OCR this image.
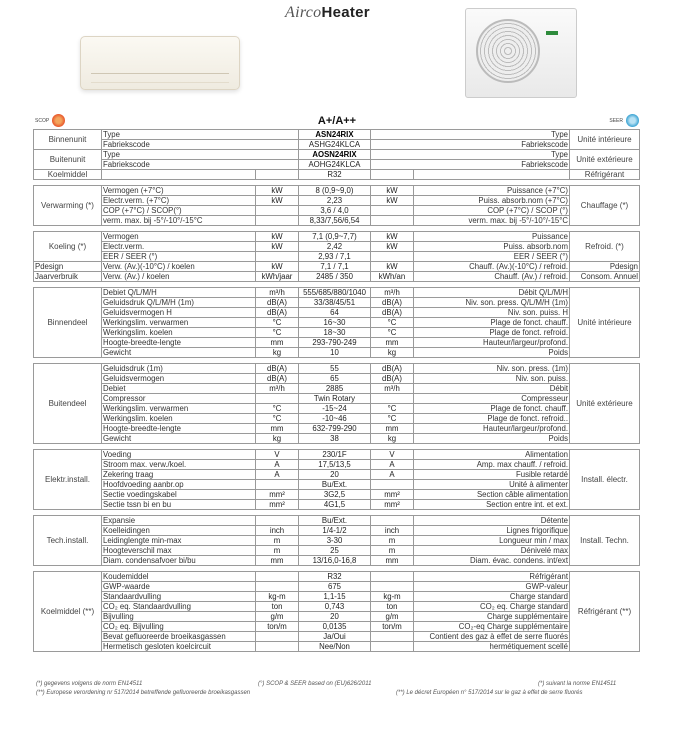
AircoHeater
SCOP	A+/A++	SEER
Binnenunit	Type		ASN24RIX	Type		Unité intérieure
	Fabriekscode		ASHG24KLCA	Fabriekscode		
Buitenunit	Type		AOSN24RIX	Type		Unité extérieure
	Fabriekscode		AOHG24KLCA	Fabriekscode		
Koelmiddel			R32			Réfrigérant

Verwarming (*)	Vermogen (+7°C)	kW	8 (0,9~9,0)	kW	Puissance (+7°C)	Chauffage (*)
	Electr.verm. (+7°C)	kW	2,23	kW	Puiss. absorb.nom (+7°C)	
	COP (+7°C) / SCOP(°)		3,6 / 4,0		COP (+7°C) / SCOP (°)	
	verm. max. bij -5°/-10°/-15°C		8,33/7,56/6,54		verm. max. bij -5°/-10°/-15°C	

Koeling (*)	Vermogen	kW	7,1 (0,9~7,7)	kW	Puissance	Refroid. (*)
	Electr.verm.	kW	2,42	kW	Puiss. absorb.nom	
	EER / SEER (°)		2,93 / 7,1		EER / SEER (°)	
Pdesign	Verw. (Av.)(-10°C) / koelen	kW	7,1 / 7,1	kW	Chauff. (Av.)(-10°C) / refroid.	Pdesign
Jaarverbruik	Verw. (Av.) / koelen	kWh/jaar	2485 / 350	kWh/an	Chauff. (Av.) / refroid.	Consom. Annuel

Binnendeel	Debiet Q/L/M/H	m³/h	555/685/880/1040	m³/h	Débit Q/L/M/H	Unité intérieure
	Geluidsdruk Q/L/M/H (1m)	dB(A)	33/38/45/51	dB(A)	Niv. son. press. Q/L/M/H (1m)	
	Geluidsvermogen H	dB(A)	64	dB(A)	Niv. son. puiss. H	
	Werkingslim. verwarmen	°C	16~30	°C	Plage de fonct. chauff.	
	Werkingslim. koelen	°C	18~30	°C	Plage de fonct. refroid.	
	Hoogte-breedte-lengte	mm	293-790-249	mm	Hauteur/largeur/profond.	
	Gewicht	kg	10	kg	Poids	

Buitendeel	Geluidsdruk (1m)	dB(A)	55	dB(A)	Niv. son. press. (1m)	Unité extérieure
	Geluidsvermogen	dB(A)	65	dB(A)	Niv. son. puiss.	
	Debiet	m³/h	2885	m³/h	Débit	
	Compressor		Twin Rotary		Compresseur	
	Werkingslim. verwarmen	°C	-15~24	°C	Plage de fonct. chauff.	
	Werkingslim. koelen	°C	-10~46	°C	Plage de fonct. refroid..	
	Hoogte-breedte-lengte	mm	632-799-290	mm	Hauteur/largeur/profond.	
	Gewicht	kg	38	kg	Poids	

Elektr.install.	Voeding	V	230/1F	V	Alimentation	Install. électr.
	Stroom max. verw./koel.	A	17,5/13,5	A	Amp. max chauff. / refroid.	
	Zekering traag	A	20	A	Fusible retardé	
	Hoofdvoeding aanbr.op		Bu/Ext.		Unité à alimenter	
	Sectie voedingskabel	mm²	3G2,5	mm²	Section câble alimentation	
	Sectie tssn bi en bu	mm²	4G1,5	mm²	Section entre int. et ext.	

Tech.install.	Expansie		Bu/Ext.		Détente	Install. Techn.
	Koelleidingen	inch	1/4-1/2	inch	Lignes frigorifique	
	Leidinglengte min-max	m	3-30	m	Longueur min / max	
	Hoogteverschil max	m	25	m	Dénivelé max	
	Diam. condensafvoer bi/bu	mm	13/16,0-16,8	mm	Diam. évac. condens. int/ext	

Koelmiddel (**)	Koudemiddel		R32		Réfrigérant	Réfrigérant (**)
	GWP-waarde		675		GWP-valeur	
	Standaardvulling	kg-m	1,1-15	kg-m	Charge standard	
	CO₂ eq. Standaardvulling	ton	0,743	ton	CO₂ eq. Charge standard	
	Bijvulling	g/m	20	g/m	Charge supplémentaire	
	CO₂ eq. Bijvulling	ton/m	0,0135	ton/m	CO₂-eq Charge supplémentaire	
	Bevat gefluoreerde broeikasgassen		Ja/Oui		Contient des gaz à effet de serre fluorés	
	Hermetisch gesloten koelcircuit		Nee/Non		hermétiquement scellé	
(*) gegevens volgens de norm EN14511	(°) SCOP & SEER based on (EU)626/2011	(*) suivant la norme EN14511
(**) Europese verordening nr 517/2014 betreffende gefluoreerde broeikasgassen	(**) Le décret Européen n° 517/2014 sur le gaz à effet de serre fluorés
